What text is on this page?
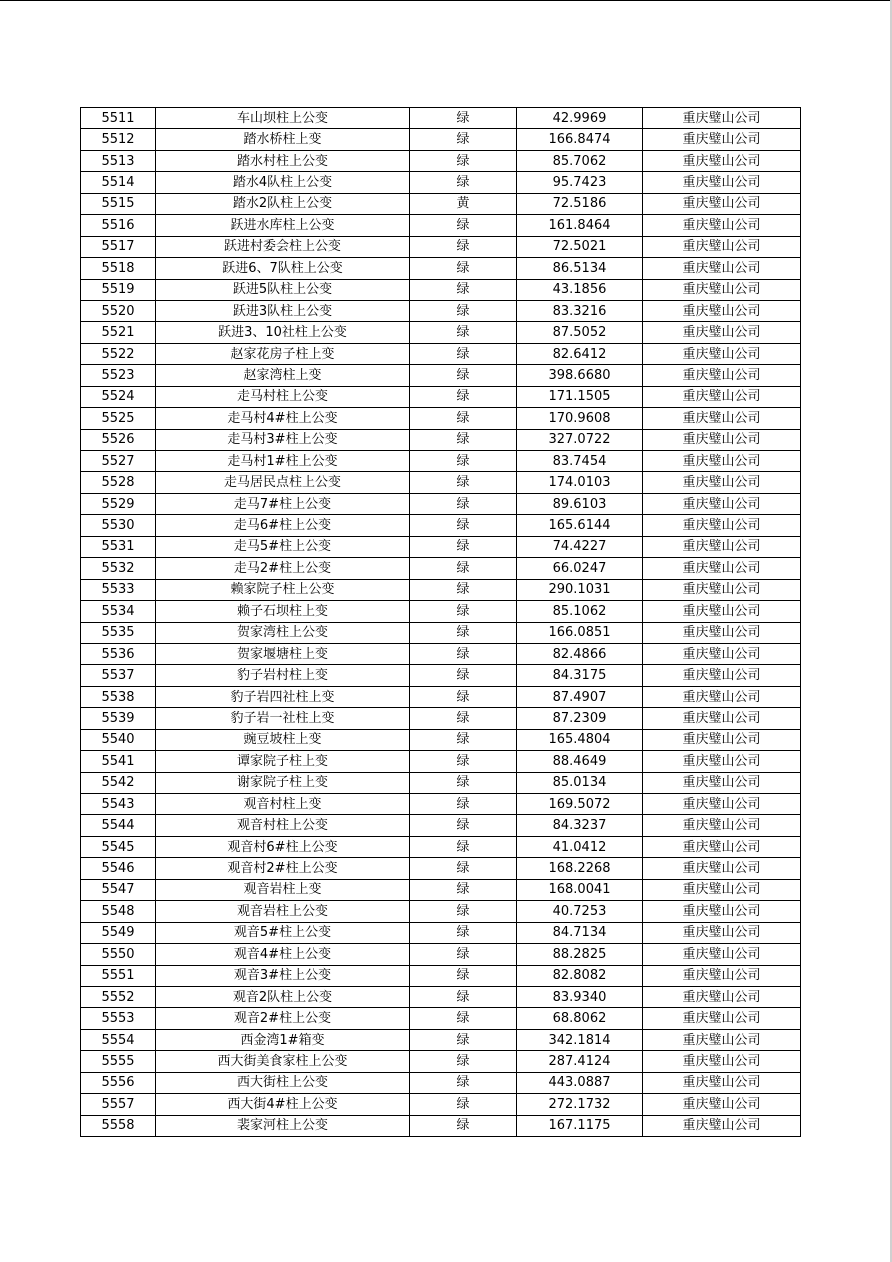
5511	车山坝柱上公变	绿	42.9969	重庆璧山公司
5512	踏水桥柱上变	绿	166.8474	重庆璧山公司
5513	踏水村柱上公变	绿	85.7062	重庆璧山公司
5514	踏水4队柱上公变	绿	95.7423	重庆璧山公司
5515	踏水2队柱上公变	黄	72.5186	重庆璧山公司
5516	跃进水库柱上公变	绿	161.8464	重庆璧山公司
5517	跃进村委会柱上公变	绿	72.5021	重庆璧山公司
5518	跃进6、7队柱上公变	绿	86.5134	重庆璧山公司
5519	跃进5队柱上公变	绿	43.1856	重庆璧山公司
5520	跃进3队柱上公变	绿	83.3216	重庆璧山公司
5521	跃进3、10社柱上公变	绿	87.5052	重庆璧山公司
5522	赵家花房子柱上变	绿	82.6412	重庆璧山公司
5523	赵家湾柱上变	绿	398.6680	重庆璧山公司
5524	走马村柱上公变	绿	171.1505	重庆璧山公司
5525	走马村4#柱上公变	绿	170.9608	重庆璧山公司
5526	走马村3#柱上公变	绿	327.0722	重庆璧山公司
5527	走马村1#柱上公变	绿	83.7454	重庆璧山公司
5528	走马居民点柱上公变	绿	174.0103	重庆璧山公司
5529	走马7#柱上公变	绿	89.6103	重庆璧山公司
5530	走马6#柱上公变	绿	165.6144	重庆璧山公司
5531	走马5#柱上公变	绿	74.4227	重庆璧山公司
5532	走马2#柱上公变	绿	66.0247	重庆璧山公司
5533	赖家院子柱上公变	绿	290.1031	重庆璧山公司
5534	赖子石坝柱上变	绿	85.1062	重庆璧山公司
5535	贺家湾柱上公变	绿	166.0851	重庆璧山公司
5536	贺家堰塘柱上变	绿	82.4866	重庆璧山公司
5537	豹子岩村柱上变	绿	84.3175	重庆璧山公司
5538	豹子岩四社柱上变	绿	87.4907	重庆璧山公司
5539	豹子岩一社柱上变	绿	87.2309	重庆璧山公司
5540	豌豆坡柱上变	绿	165.4804	重庆璧山公司
5541	谭家院子柱上变	绿	88.4649	重庆璧山公司
5542	谢家院子柱上变	绿	85.0134	重庆璧山公司
5543	观音村柱上变	绿	169.5072	重庆璧山公司
5544	观音村柱上公变	绿	84.3237	重庆璧山公司
5545	观音村6#柱上公变	绿	41.0412	重庆璧山公司
5546	观音村2#柱上公变	绿	168.2268	重庆璧山公司
5547	观音岩柱上变	绿	168.0041	重庆璧山公司
5548	观音岩柱上公变	绿	40.7253	重庆璧山公司
5549	观音5#柱上公变	绿	84.7134	重庆璧山公司
5550	观音4#柱上公变	绿	88.2825	重庆璧山公司
5551	观音3#柱上公变	绿	82.8082	重庆璧山公司
5552	观音2队柱上公变	绿	83.9340	重庆璧山公司
5553	观音2#柱上公变	绿	68.8062	重庆璧山公司
5554	西金湾1#箱变	绿	342.1814	重庆璧山公司
5555	西大街美食家柱上公变	绿	287.4124	重庆璧山公司
5556	西大街柱上公变	绿	443.0887	重庆璧山公司
5557	西大街4#柱上公变	绿	272.1732	重庆璧山公司
5558	裴家河柱上公变	绿	167.1175	重庆璧山公司
